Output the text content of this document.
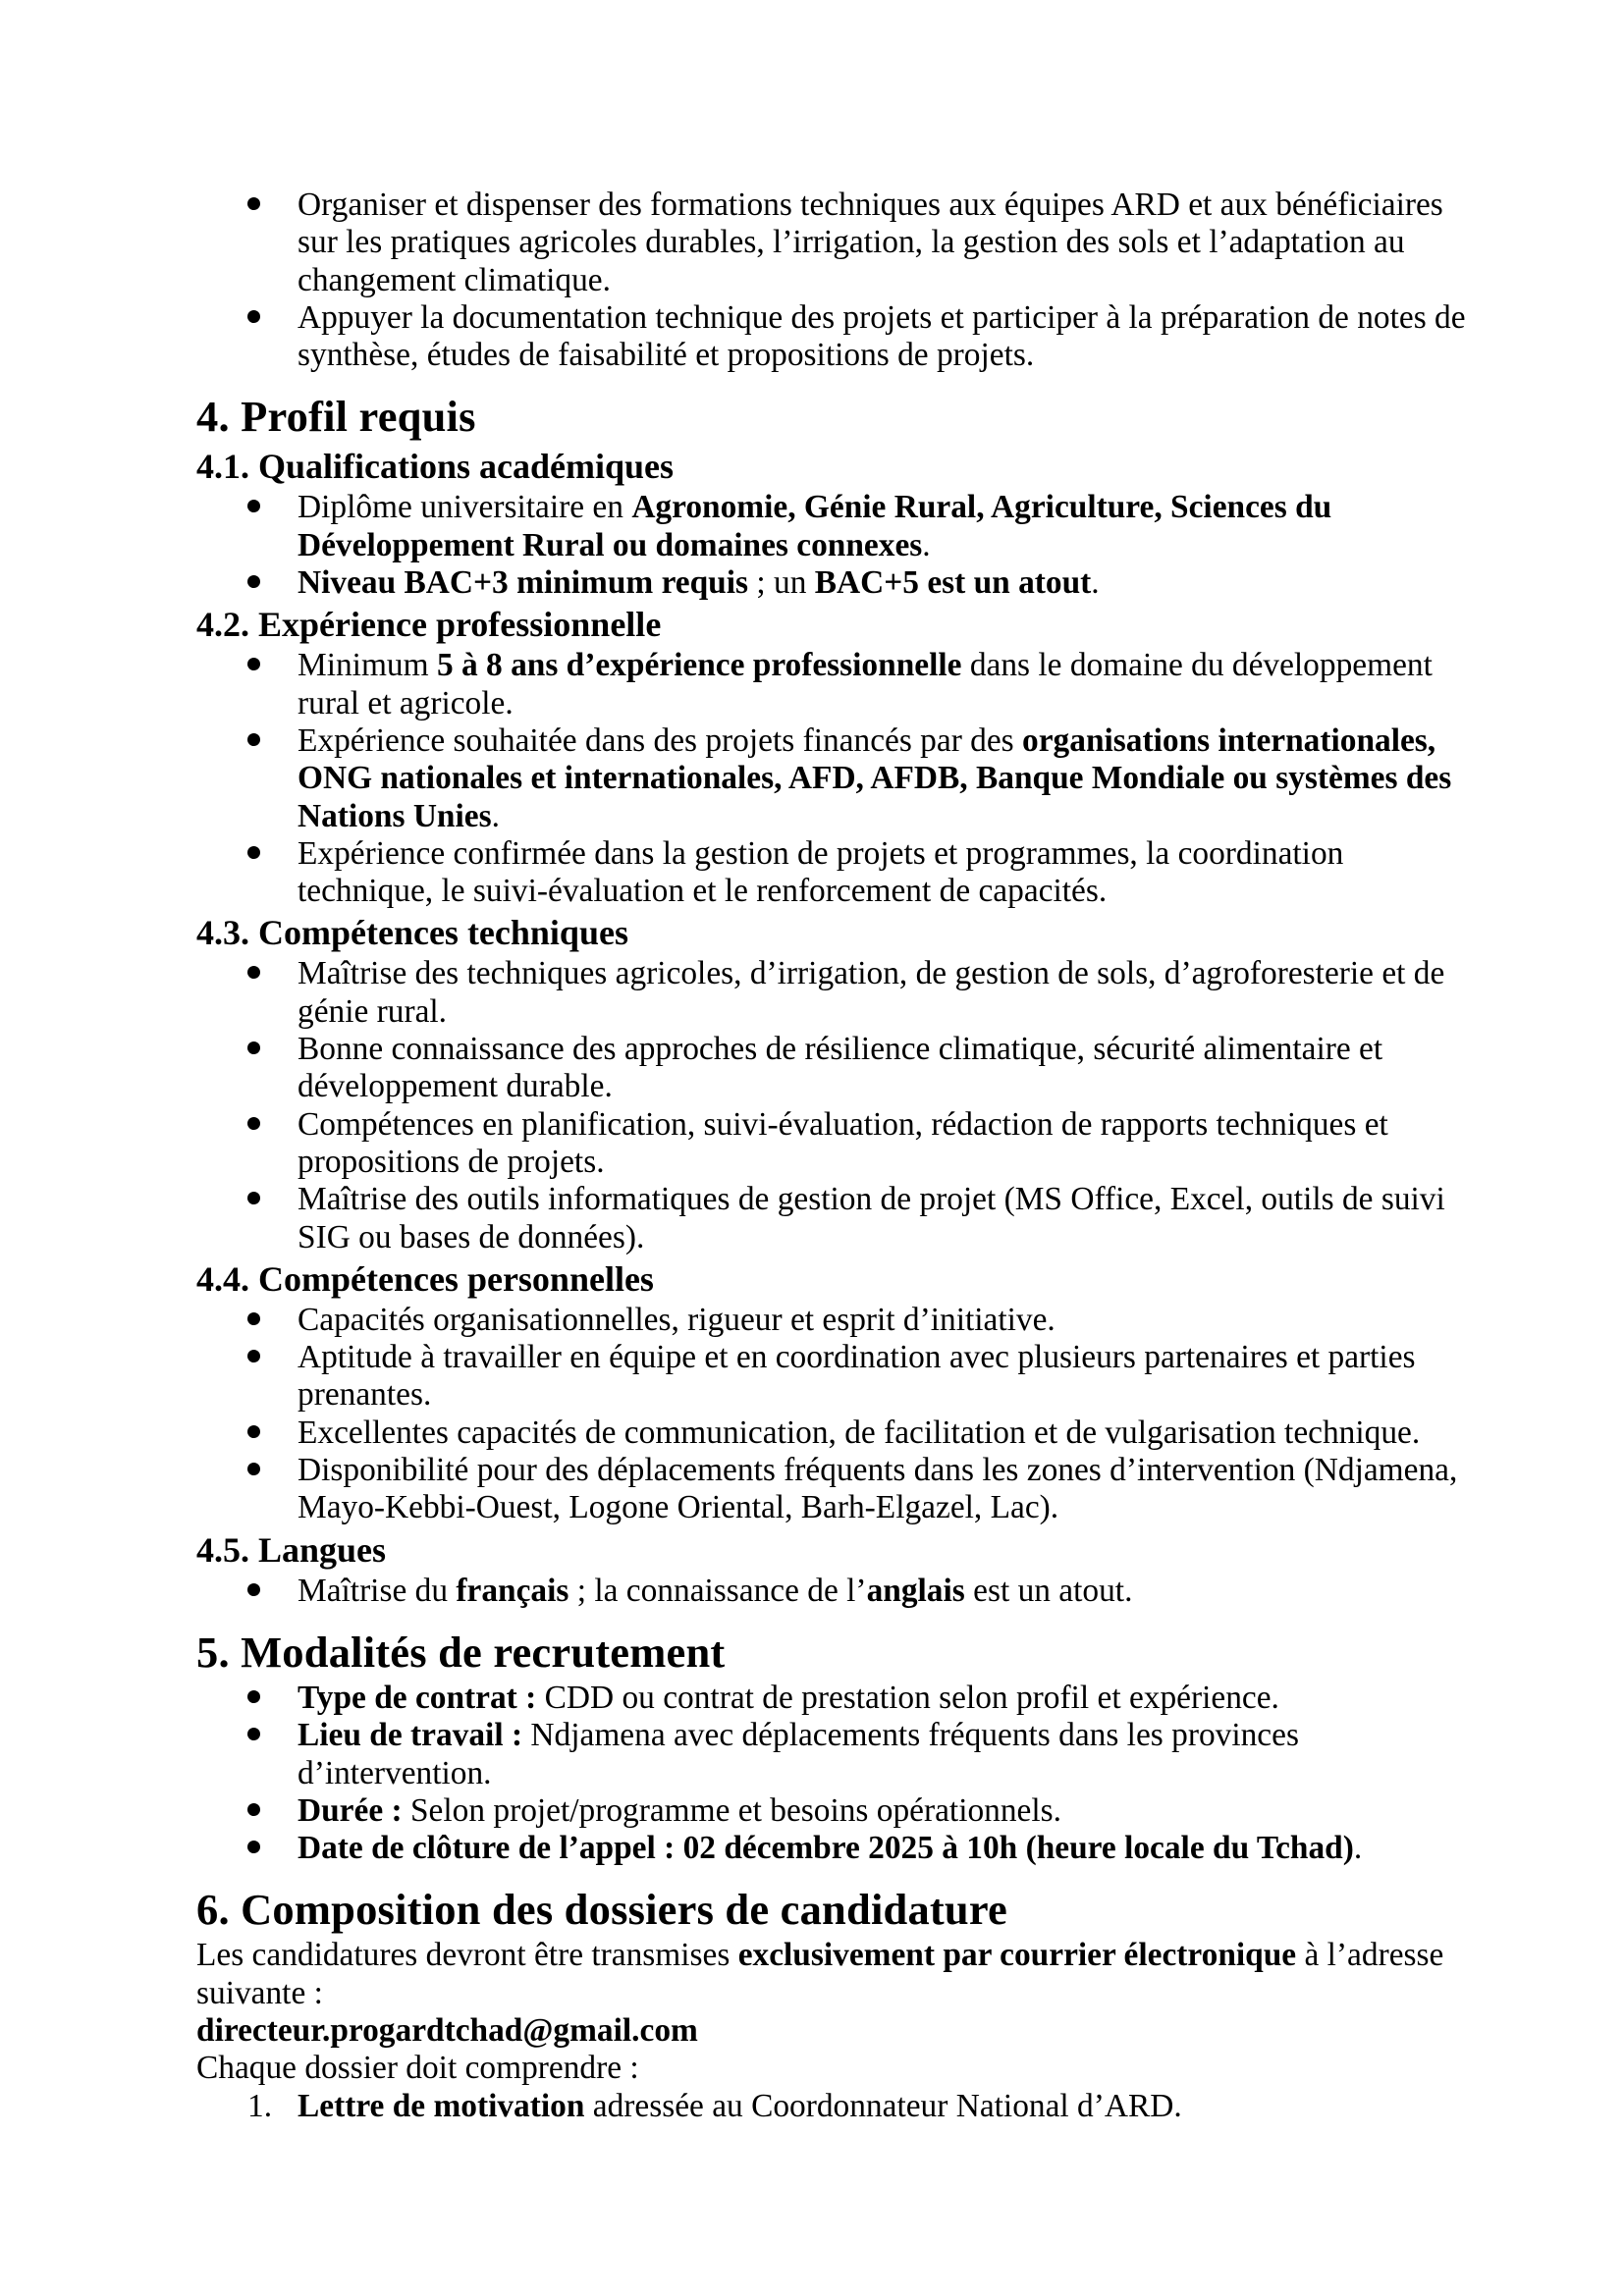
Organiser et dispenser des formations techniques aux équipes ARD et aux bénéficiaires sur les pratiques agricoles durables, l’irrigation, la gestion des sols et l’adaptation au changement climatique.
Appuyer la documentation technique des projets et participer à la préparation de notes de synthèse, études de faisabilité et propositions de projets.
4. Profil requis
4.1. Qualifications académiques
Diplôme universitaire en Agronomie, Génie Rural, Agriculture, Sciences du Développement Rural ou domaines connexes.
Niveau BAC+3 minimum requis ; un BAC+5 est un atout.
4.2. Expérience professionnelle
Minimum 5 à 8 ans d’expérience professionnelle dans le domaine du développement rural et agricole.
Expérience souhaitée dans des projets financés par des organisations internationales, ONG nationales et internationales, AFD, AFDB, Banque Mondiale ou systèmes des Nations Unies.
Expérience confirmée dans la gestion de projets et programmes, la coordination technique, le suivi-évaluation et le renforcement de capacités.
4.3. Compétences techniques
Maîtrise des techniques agricoles, d’irrigation, de gestion de sols, d’agroforesterie et de génie rural.
Bonne connaissance des approches de résilience climatique, sécurité alimentaire et développement durable.
Compétences en planification, suivi-évaluation, rédaction de rapports techniques et propositions de projets.
Maîtrise des outils informatiques de gestion de projet (MS Office, Excel, outils de suivi SIG ou bases de données).
4.4. Compétences personnelles
Capacités organisationnelles, rigueur et esprit d’initiative.
Aptitude à travailler en équipe et en coordination avec plusieurs partenaires et parties prenantes.
Excellentes capacités de communication, de facilitation et de vulgarisation technique.
Disponibilité pour des déplacements fréquents dans les zones d’intervention (Ndjamena, Mayo-Kebbi-Ouest, Logone Oriental, Barh-Elgazel, Lac).
4.5. Langues
Maîtrise du français ; la connaissance de l’anglais est un atout.
5. Modalités de recrutement
Type de contrat : CDD ou contrat de prestation selon profil et expérience.
Lieu de travail : Ndjamena avec déplacements fréquents dans les provinces d’intervention.
Durée : Selon projet/programme et besoins opérationnels.
Date de clôture de l’appel : 02 décembre 2025 à 10h (heure locale du Tchad).
6. Composition des dossiers de candidature

Les candidatures devront être transmises exclusivement par courrier électronique à l’adresse suivante :

directeur.progardtchad@gmail.com

Chaque dossier doit comprendre :

1. Lettre de motivation adressée au Coordonnateur National d’ARD.
